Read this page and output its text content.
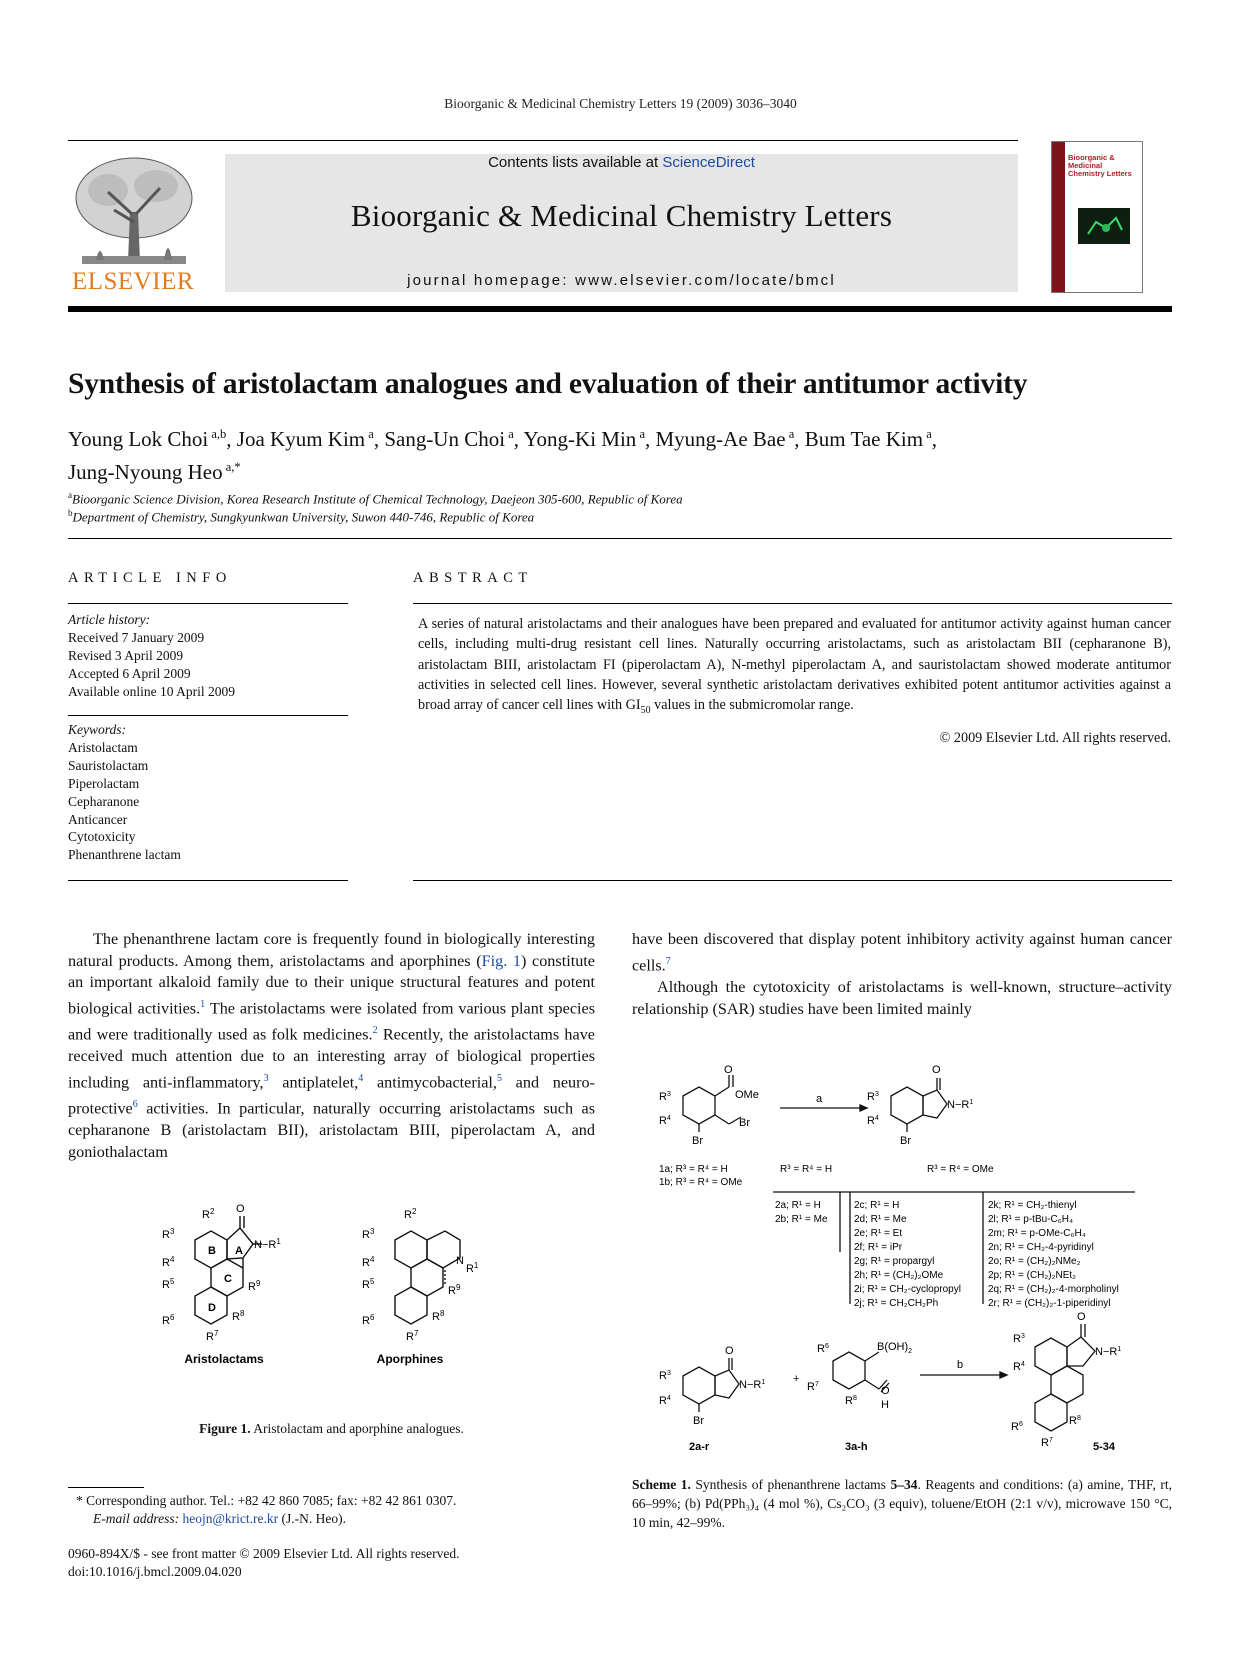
Bioorganic & Medicinal Chemistry Letters 19 (2009) 3036–3040
Contents lists available at ScienceDirect
Bioorganic & Medicinal Chemistry Letters
journal homepage: www.elsevier.com/locate/bmcl
ELSEVIER
Bioorganic & Medicinal Chemistry Letters
Synthesis of aristolactam analogues and evaluation of their antitumor activity
Young Lok Choi $^{a,b}$, Joa Kyum Kim $^a$, Sang-Un Choi $^a$, Yong-Ki Min $^a$, Myung-Ae Bae $^a$, Bum Tae Kim $^a$,
Jung-Nyoung Heo $^{a,*}$
$^a$Bioorganic Science Division, Korea Research Institute of Chemical Technology, Daejeon 305-600, Republic of Korea
$^b$Department of Chemistry, Sungkyunkwan University, Suwon 440-746, Republic of Korea
ARTICLE INFO
Article history:
Received 7 January 2009
Revised 3 April 2009
Accepted 6 April 2009
Available online 10 April 2009
Keywords:
Aristolactam
Sauristolactam
Piperolactam
Cepharanone
Anticancer
Cytotoxicity
Phenanthrene lactam
ABSTRACT
A series of natural aristolactams and their analogues have been prepared and evaluated for antitumor activity against human cancer cells, including multi-drug resistant cell lines. Naturally occurring aristolactams, such as aristolactam BII (cepharanone B), aristolactam BIII, aristolactam FI (piperolactam A), N-methyl piperolactam A, and sauristolactam showed moderate antitumor activities in selected cell lines. However, several synthetic aristolactam derivatives exhibited potent antitumor activities against a broad array of cancer cell lines with $GI_{50}$ values in the submicromolar range.
© 2009 Elsevier Ltd. All rights reserved.

The phenanthrene lactam core is frequently found in biologically interesting natural products. Among them, aristolactams and aporphines (Fig. 1) constitute an important alkaloid family due to their unique structural features and potent biological activities.$^1$ The aristolactams were isolated from various plant species and were traditionally used as folk medicines.$^2$ Recently, the aristolactams have received much attention due to an interesting array of biological properties including anti-inflammatory,$^3$ antiplatelet,$^4$ antimycobacterial,$^5$ and neuro-protective$^6$ activities. In particular, naturally occurring aristolactams such as cepharanone B (aristolactam BII), aristolactam BIII, piperolactam A, and goniothalactam

have been discovered that display potent inhibitory activity against human cancer cells.$^7$

Although the cytotoxicity of aristolactams is well-known, structure–activity relationship (SAR) studies have been limited mainly

$R^2$
$R^3$
$R^4$
$R^5$
$R^6$
$R^7$
$R^8$
$R^9$
O
$N-R^1$
B A
C
D
Aristolactams
$R^2$
$R^3$
$R^4$
$R^5$
$R^6$
$R^7$
$R^8$
$R^9$
$NR^1$
Aporphines
Figure 1. Aristolactam and aporphine analogues.
$R^3$
$R^4$
O
OMe
Br
Br
a	$R^3$
$R^4$
O
$N-R^1$
Br
1a; R³ = R⁴ = H
1b; R³ = R⁴ = OMe
R³ = R⁴ = H	R³ = R⁴ = OMe
2a; R¹ = H
2b; R¹ = Me
2c; R¹ = H
2d; R¹ = Me
2e; R¹ = Et
2f; R¹ = iPr
2g; R¹ = propargyl
2h; R¹ = (CH₂)₂OMe
2i; R¹ = CH₂-cyclopropyl
2j; R¹ = CH₂CH₂Ph
2k; R¹ = CH₂-thienyl
2l; R¹ = p-tBu-C₆H₄
2m; R¹ = p-OMe-C₆H₄
2n; R¹ = CH₂-4-pyridinyl
2o; R¹ = (CH₂)₂NMe₂
2p; R¹ = (CH₂)₂NEt₂
2q; R¹ = (CH₂)₂-4-morpholinyl
2r; R¹ = (CH₂)₂-1-piperidinyl
$R^3$
$R^4$
O
$N-R^1$
Br
2a-r
+
$R^6$
$R^7$
$B(OH)_2$
O
$R^8$
H
3a-h
b
$R^3$
$R^4$
O
$N-R^1$
$R^6$
$R^7$
$R^8$
5-34
Scheme 1. Synthesis of phenanthrene lactams 5–34. Reagents and conditions: (a) amine, THF, rt, 66–99%; (b) Pd(PPh₃)₄ (4 mol %), Cs₂CO₃ (3 equiv), toluene/EtOH (2:1 v/v), microwave 150 °C, 10 min, 42–99%.
* Corresponding author. Tel.: +82 42 860 7085; fax: +82 42 861 0307.
E-mail address: heojn@krict.re.kr (J.-N. Heo).
0960-894X/$ - see front matter © 2009 Elsevier Ltd. All rights reserved.
doi:10.1016/j.bmcl.2009.04.020
